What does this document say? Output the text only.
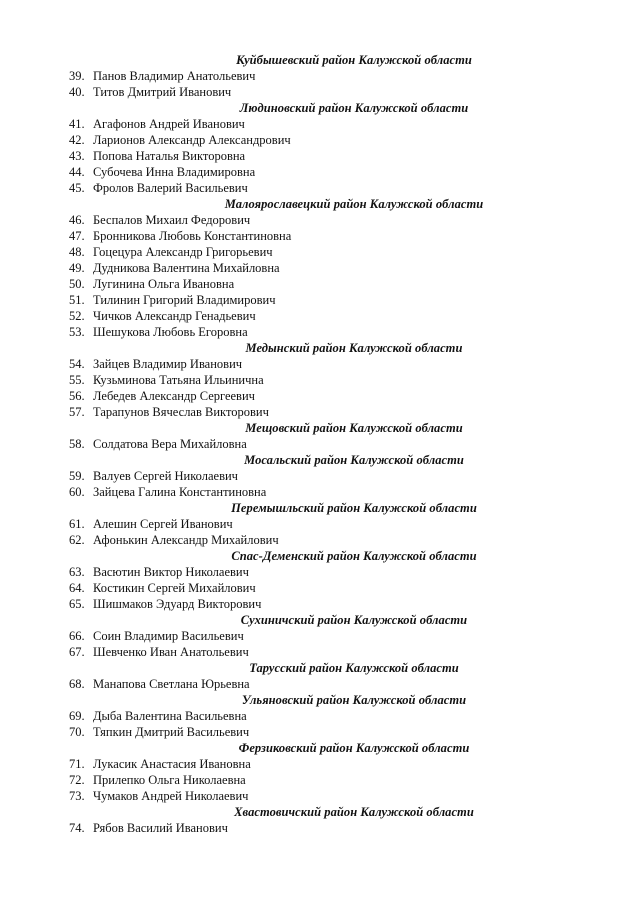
Куйбышевский район Калужской области
39. Панов Владимир Анатольевич
40. Титов Дмитрий Иванович
Людиновский район Калужской области
41. Агафонов Андрей Иванович
42. Ларионов Александр Александрович
43. Попова Наталья Викторовна
44. Субочева Инна Владимировна
45. Фролов Валерий Васильевич
Малоярославецкий район Калужской области
46. Беспалов Михаил Федорович
47. Бронникова Любовь Константиновна
48. Гоцецура Александр Григорьевич
49. Дудникова Валентина Михайловна
50. Лугинина Ольга Ивановна
51. Тилинин Григорий Владимирович
52. Чичков Александр Генадьевич
53. Шешукова Любовь Егоровна
Медынский район Калужской области
54. Зайцев Владимир Иванович
55. Кузьминова Татьяна Ильинична
56. Лебедев Александр Сергеевич
57. Тарапунов Вячеслав Викторович
Мещовский район Калужской области
58. Солдатова Вера Михайловна
Мосальский район Калужской области
59. Валуев Сергей Николаевич
60. Зайцева Галина Константиновна
Перемышльский район Калужской области
61. Алешин Сергей Иванович
62. Афонькин Александр Михайлович
Спас-Деменский район Калужской области
63. Васютин Виктор Николаевич
64. Костикин Сергей Михайлович
65. Шишмаков Эдуард Викторович
Сухиничский район Калужской области
66. Соин Владимир Васильевич
67. Шевченко Иван Анатольевич
Тарусский район Калужской области
68. Манапова Светлана Юрьевна
Ульяновский район Калужской области
69. Дыба Валентина Васильевна
70. Тяпкин Дмитрий Васильевич
Ферзиковский район Калужской области
71. Лукасик Анастасия Ивановна
72. Прилепко Ольга Николаевна
73. Чумаков Андрей Николаевич
Хвастовичский район Калужской области
74. Рябов Василий Иванович
